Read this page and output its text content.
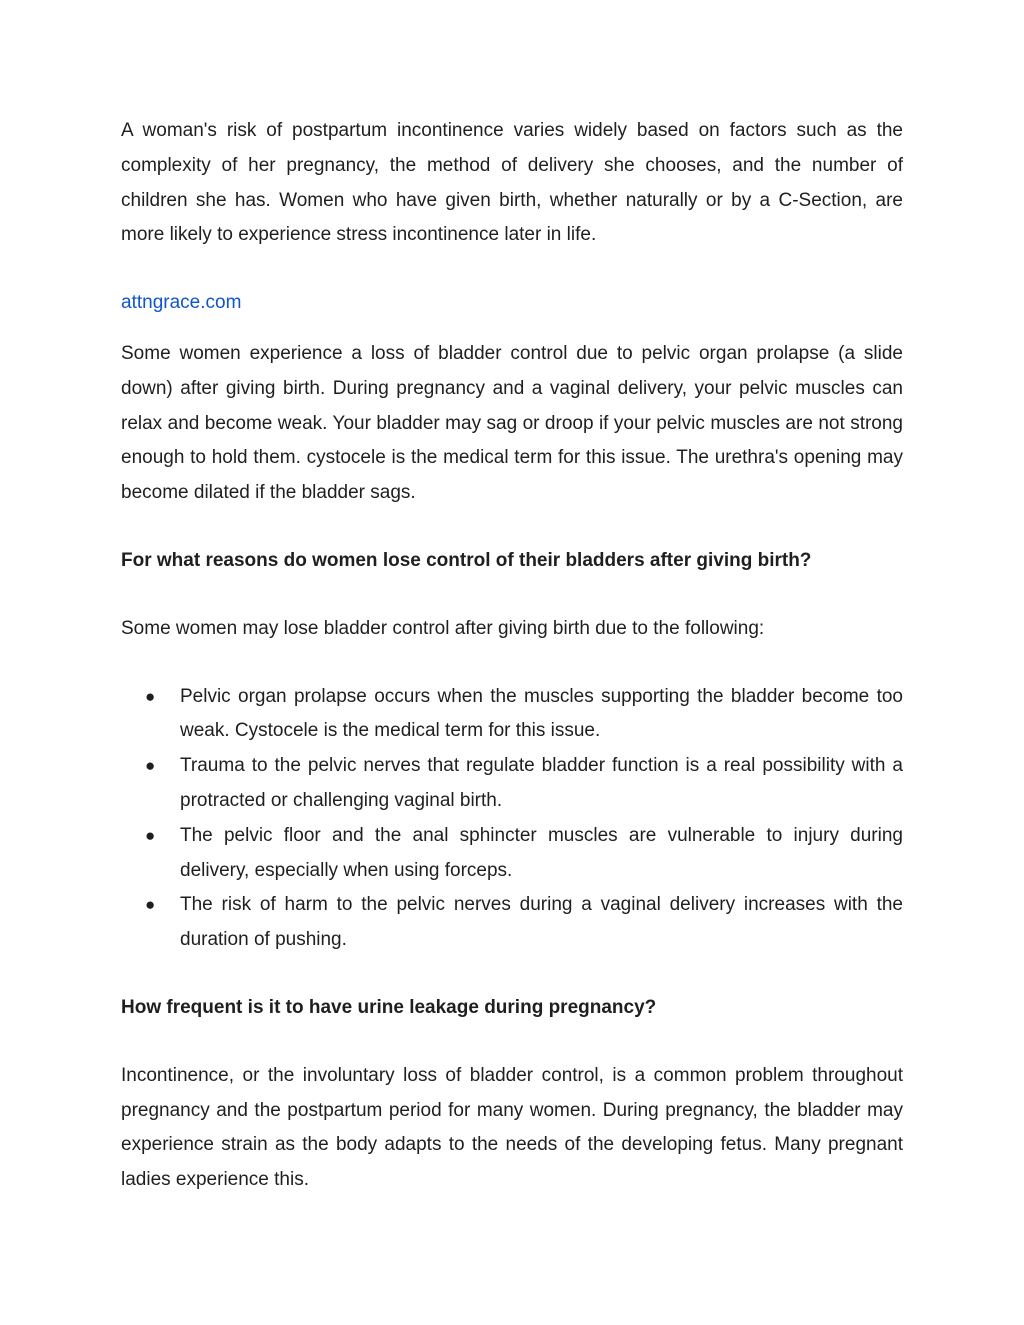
A woman's risk of postpartum incontinence varies widely based on factors such as the complexity of her pregnancy, the method of delivery she chooses, and the number of children she has. Women who have given birth, whether naturally or by a C-Section, are more likely to experience stress incontinence later in life.

attngrace.com

Some women experience a loss of bladder control due to pelvic organ prolapse (a slide down) after giving birth. During pregnancy and a vaginal delivery, your pelvic muscles can relax and become weak. Your bladder may sag or droop if your pelvic muscles are not strong enough to hold them. cystocele is the medical term for this issue. The urethra's opening may become dilated if the bladder sags.

For what reasons do women lose control of their bladders after giving birth?

Some women may lose bladder control after giving birth due to the following:

● Pelvic organ prolapse occurs when the muscles supporting the bladder become too weak. Cystocele is the medical term for this issue.
● Trauma to the pelvic nerves that regulate bladder function is a real possibility with a protracted or challenging vaginal birth.
● The pelvic floor and the anal sphincter muscles are vulnerable to injury during delivery, especially when using forceps.
● The risk of harm to the pelvic nerves during a vaginal delivery increases with the duration of pushing.

How frequent is it to have urine leakage during pregnancy?

Incontinence, or the involuntary loss of bladder control, is a common problem throughout pregnancy and the postpartum period for many women. During pregnancy, the bladder may experience strain as the body adapts to the needs of the developing fetus. Many pregnant ladies experience this.
